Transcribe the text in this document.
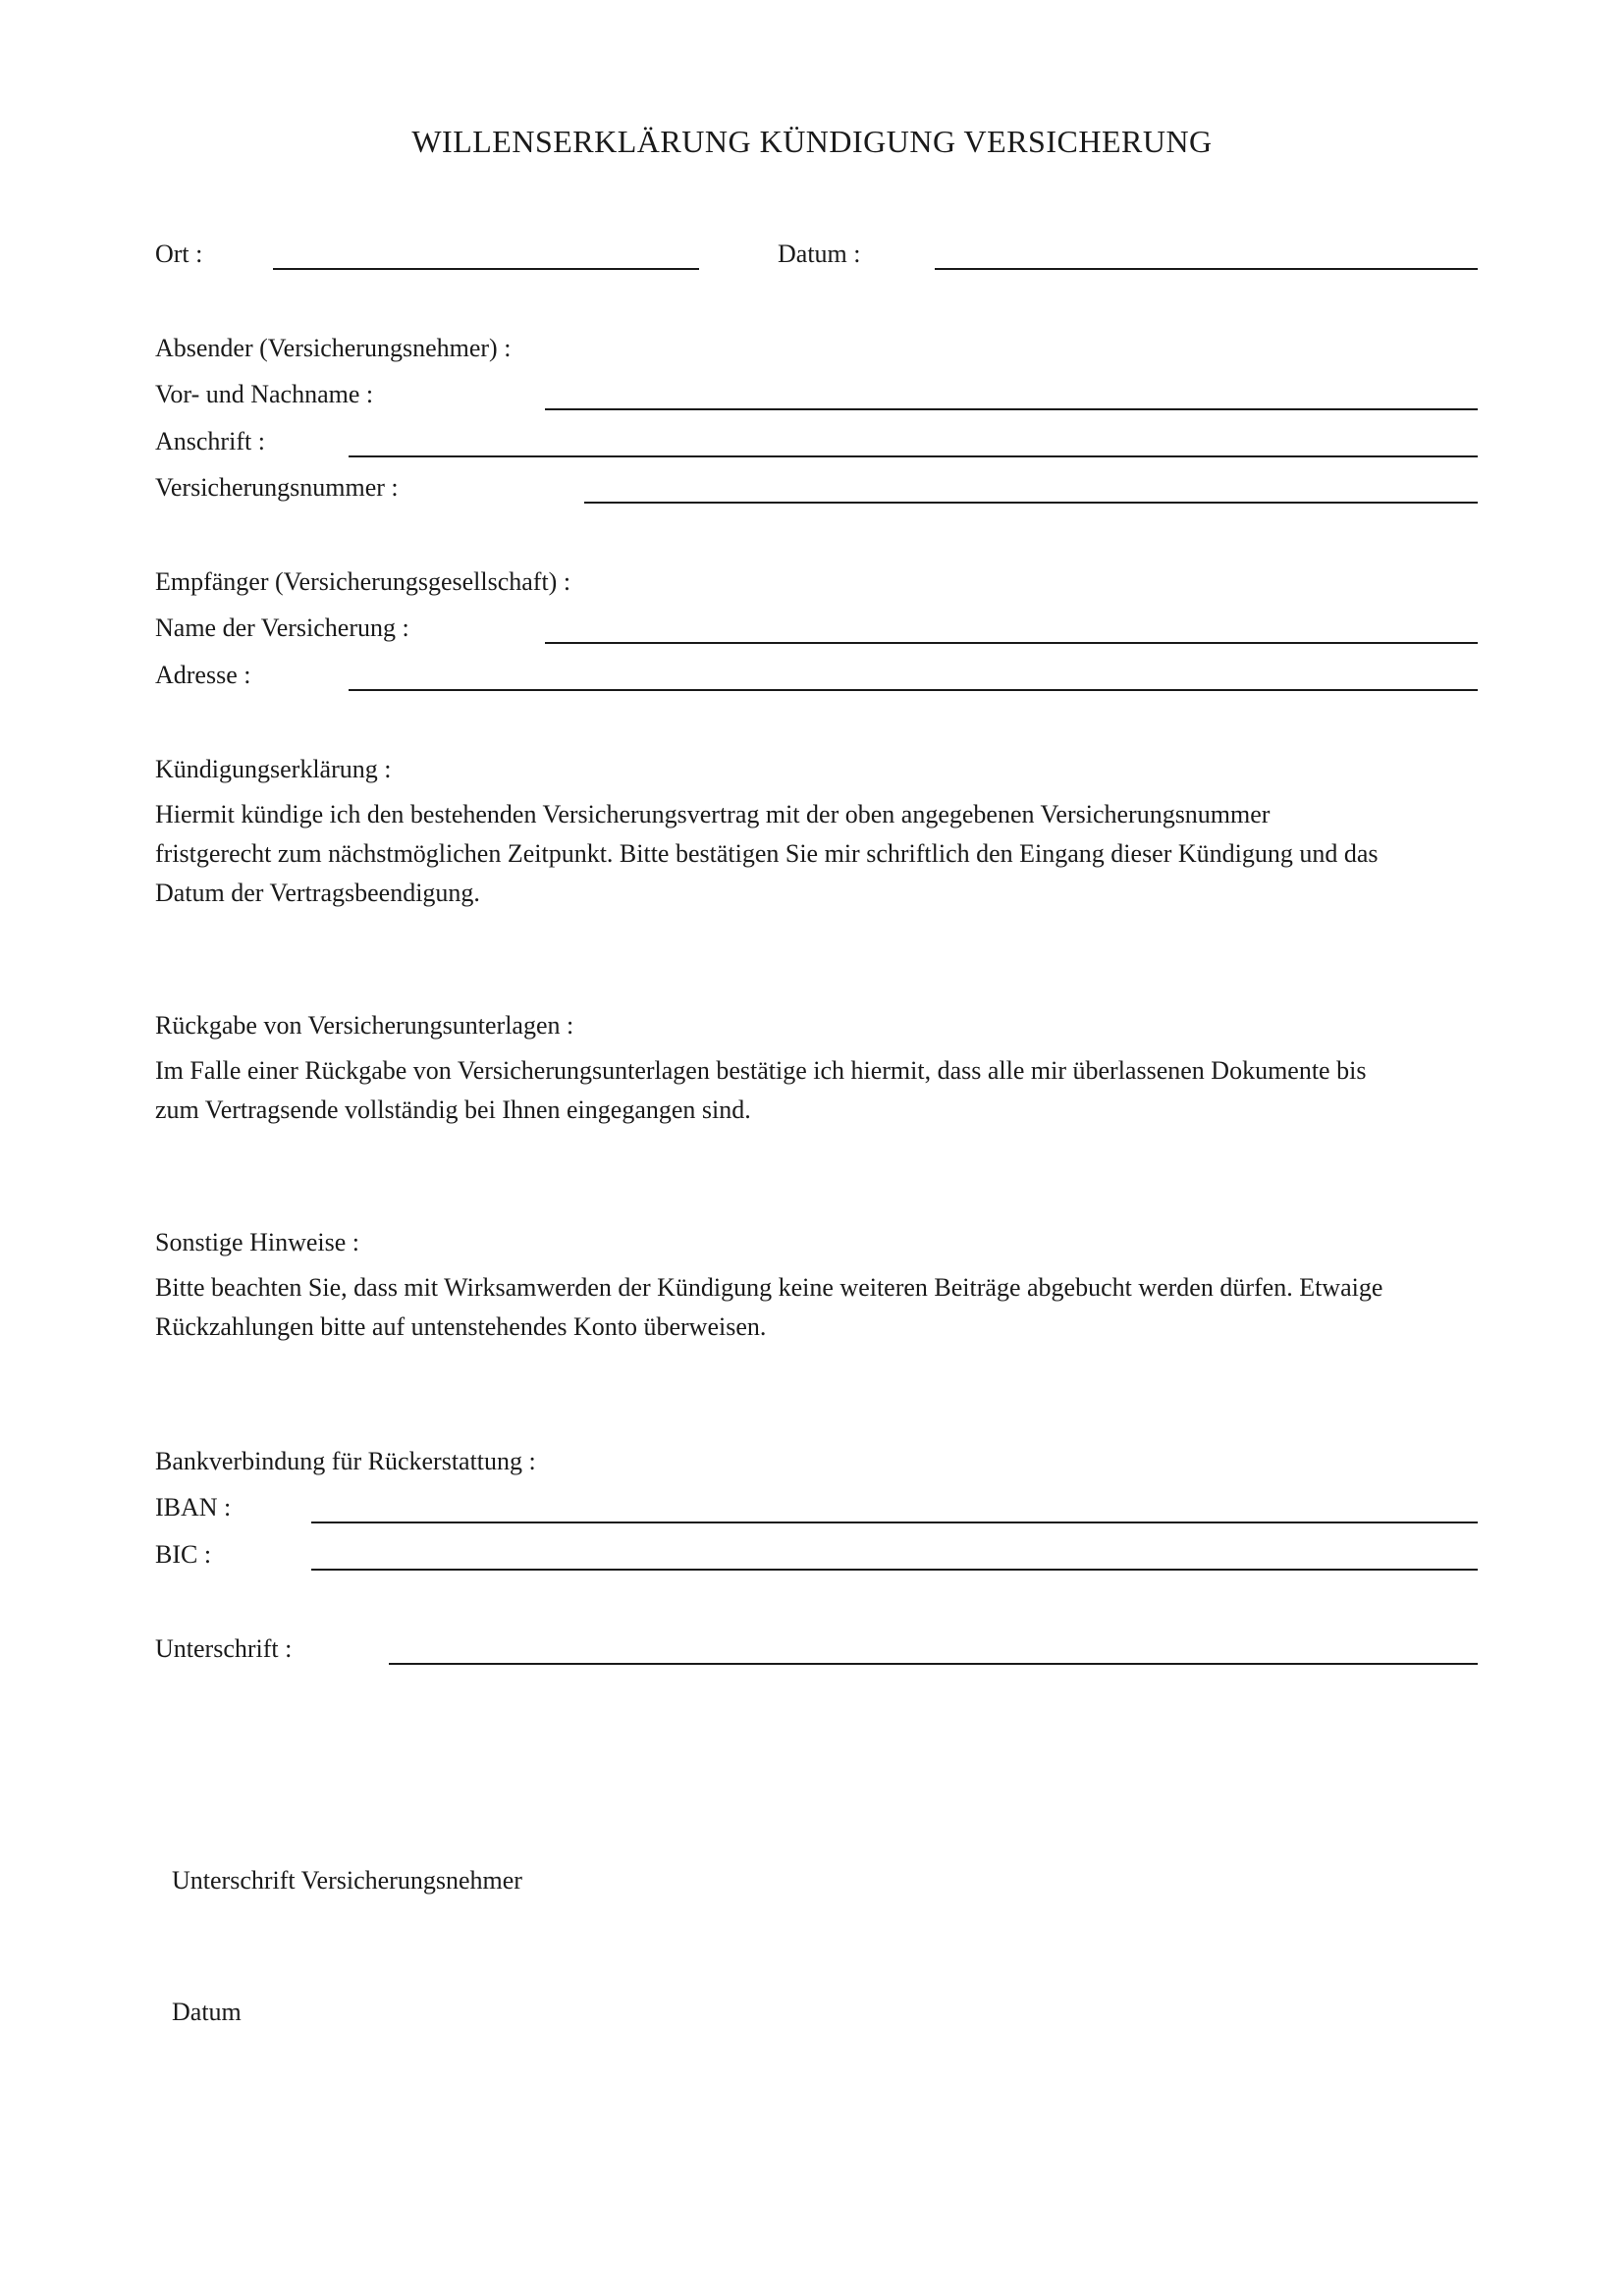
WILLENSERKLÄRUNG KÜNDIGUNG VERSICHERUNG
Ort :	Datum :
Absender (Versicherungsnehmer) :
Vor- und Nachname :
Anschrift :
Versicherungsnummer :
Empfänger (Versicherungsgesellschaft) :
Name der Versicherung :
Adresse :
Kündigungserklärung :
Hiermit kündige ich den bestehenden Versicherungsvertrag mit der oben angegebenen Versicherungsnummer
fristgerecht zum nächstmöglichen Zeitpunkt. Bitte bestätigen Sie mir schriftlich den Eingang dieser Kündigung und das
Datum der Vertragsbeendigung.
Rückgabe von Versicherungsunterlagen :
Im Falle einer Rückgabe von Versicherungsunterlagen bestätige ich hiermit, dass alle mir überlassenen Dokumente bis
zum Vertragsende vollständig bei Ihnen eingegangen sind.
Sonstige Hinweise :
Bitte beachten Sie, dass mit Wirksamwerden der Kündigung keine weiteren Beiträge abgebucht werden dürfen. Etwaige
Rückzahlungen bitte auf untenstehendes Konto überweisen.
Bankverbindung für Rückerstattung :
IBAN :
BIC :
Unterschrift :
Unterschrift Versicherungsnehmer
Datum
